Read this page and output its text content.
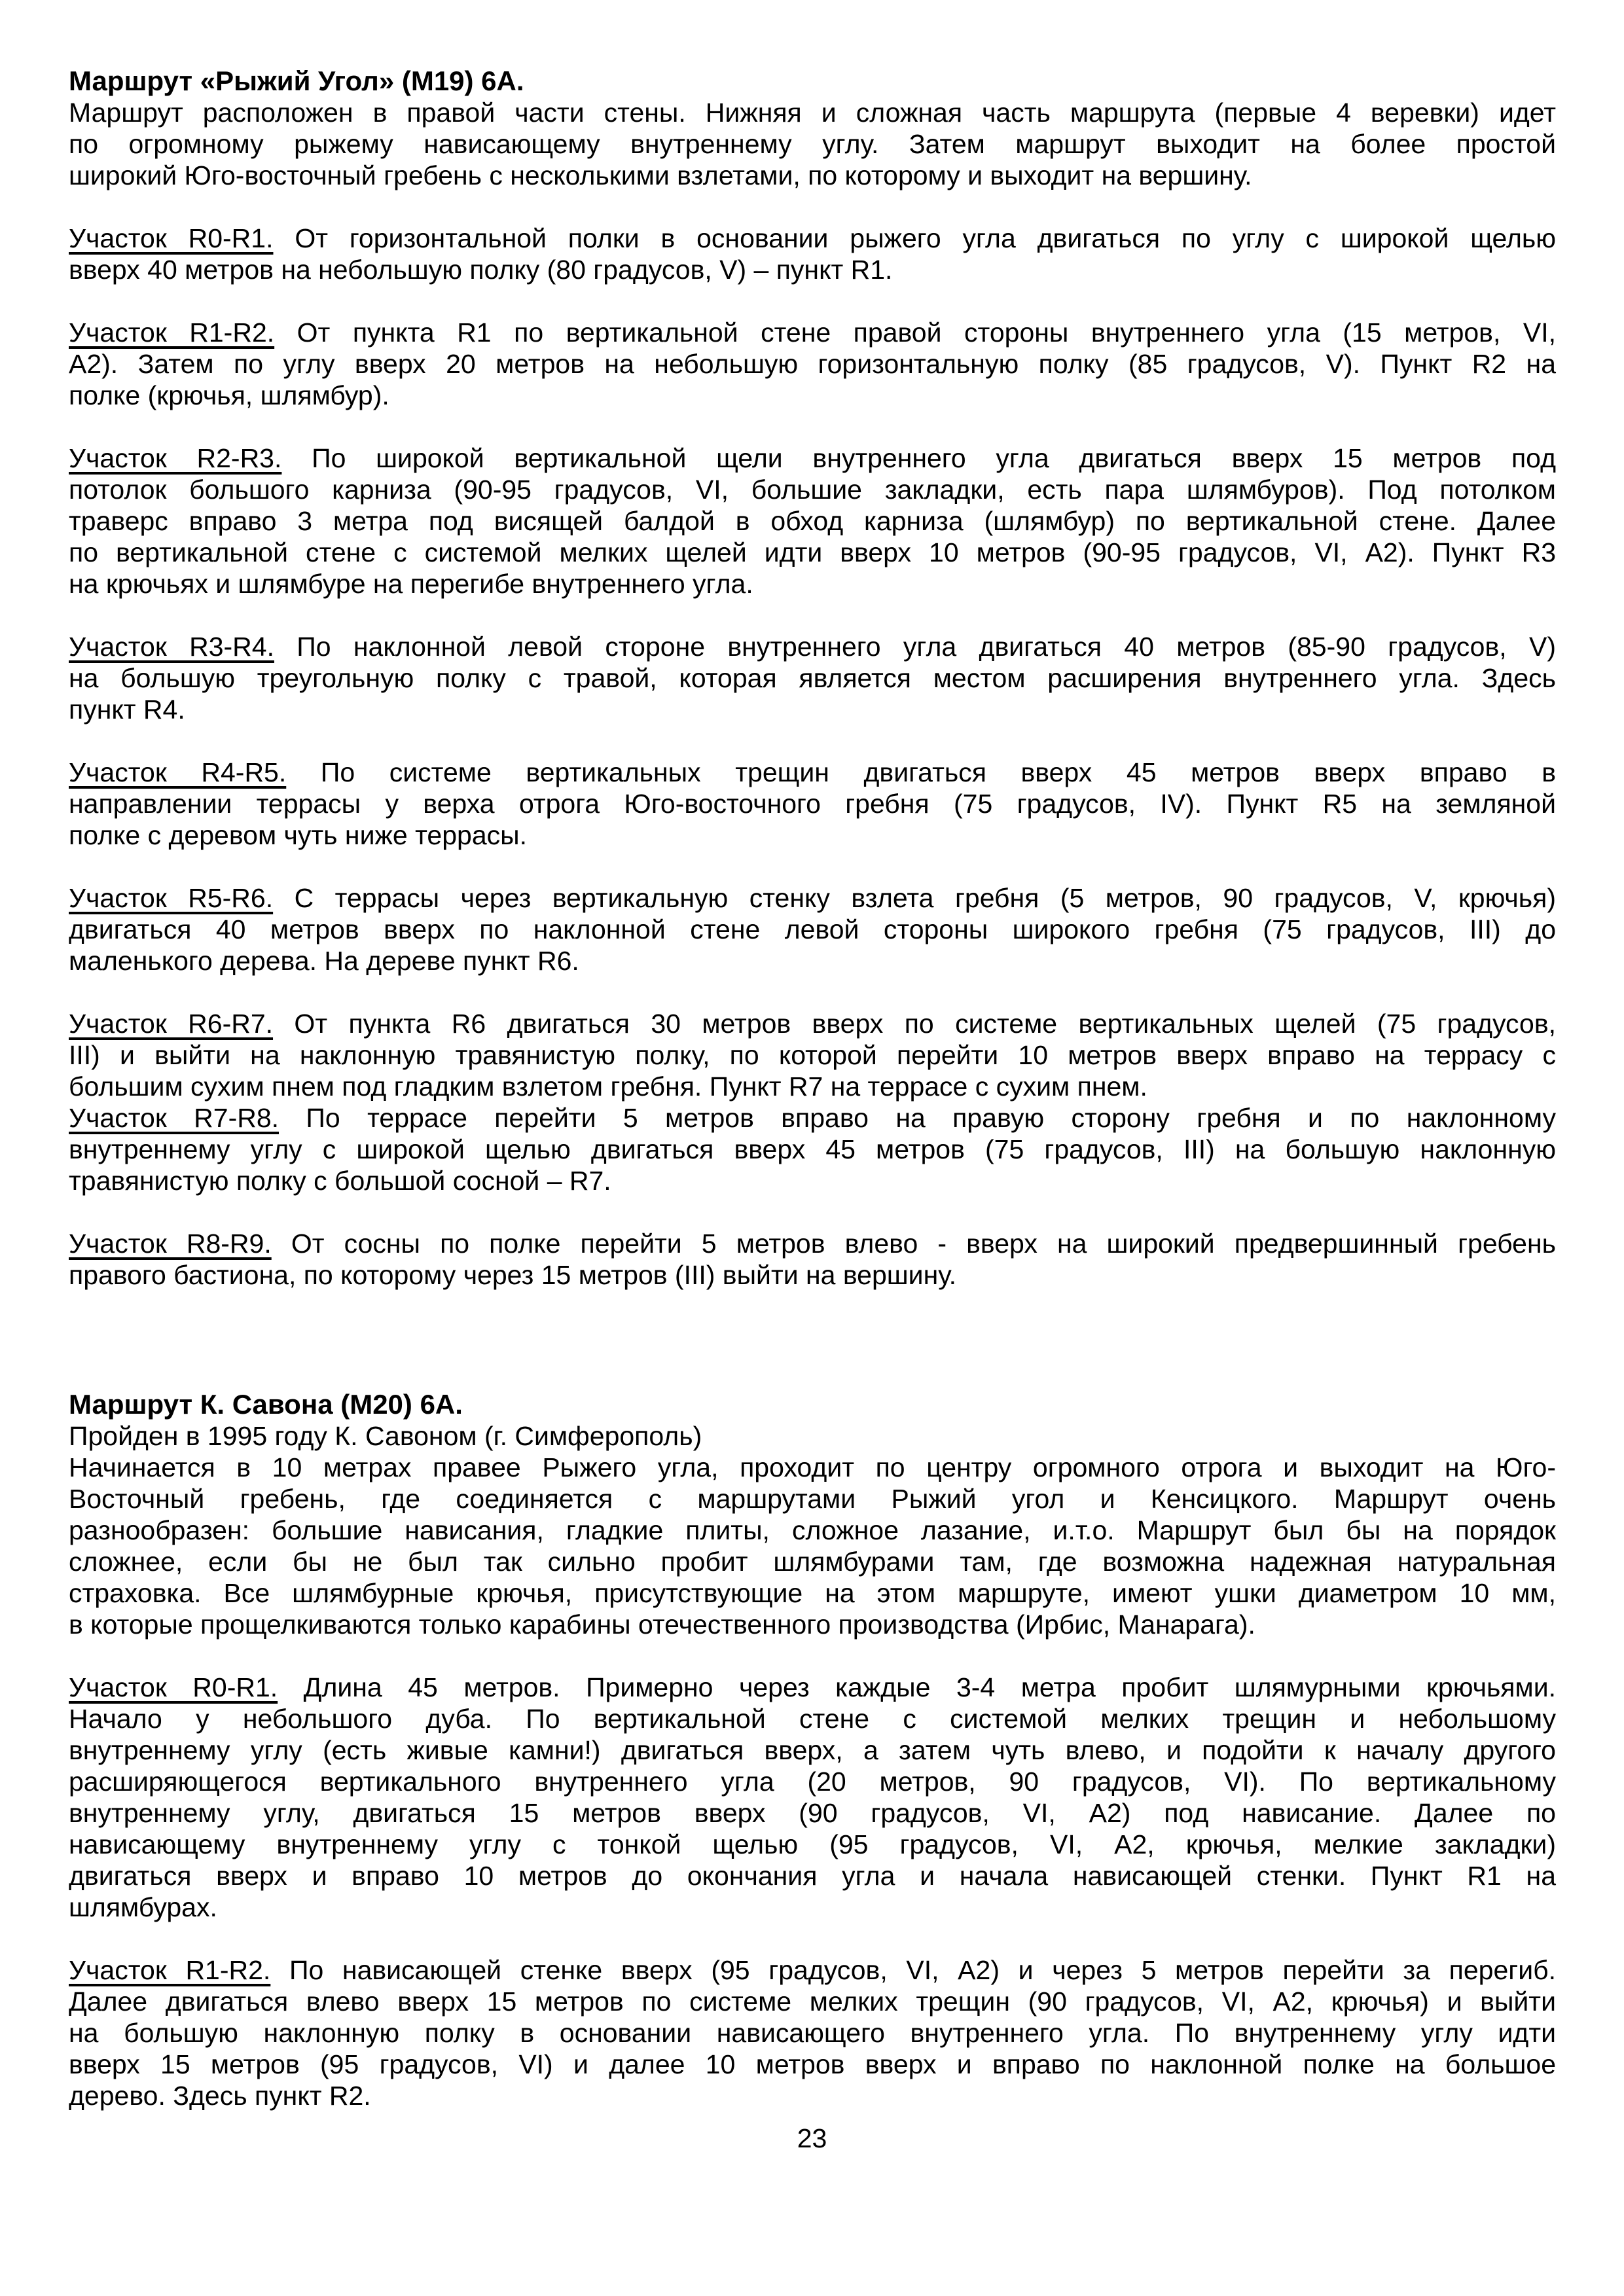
Маршрут «Рыжий Угол» (М19) 6А.
Маршрут расположен в правой части стены. Нижняя и сложная часть маршрута (первые 4 веревки) идет
по огромному рыжему нависающему внутреннему углу. Затем маршрут выходит на более простой
широкий Юго-восточный гребень с несколькими взлетами, по которому и выходит на вершину.
Участок R0-R1. От горизонтальной полки в основании рыжего угла двигаться по углу с широкой щелью
вверх 40 метров на небольшую полку (80 градусов, V) – пункт R1.
Участок R1-R2. От пункта R1 по вертикальной стене правой стороны внутреннего угла (15 метров, VI,
А2). Затем по углу вверх 20 метров на небольшую горизонтальную полку (85 градусов, V). Пункт R2 на
полке (крючья, шлямбур).
Участок R2-R3. По широкой вертикальной щели внутреннего угла двигаться вверх 15 метров под
потолок большого карниза (90-95 градусов, VI, большие закладки, есть пара шлямбуров). Под потолком
траверс вправо 3 метра под висящей балдой в обход карниза (шлямбур) по вертикальной стене. Далее
по вертикальной стене с системой мелких щелей идти вверх 10 метров (90-95 градусов, VI, А2). Пункт R3
на крючьях и шлямбуре на перегибе внутреннего угла.
Участок R3-R4. По наклонной левой стороне внутреннего угла двигаться 40 метров (85-90 градусов, V)
на большую треугольную полку с травой, которая является местом расширения внутреннего угла. Здесь
пункт R4.
Участок R4-R5. По системе вертикальных трещин двигаться вверх 45 метров вверх вправо в
направлении террасы у верха отрога Юго-восточного гребня (75 градусов, IV). Пункт R5 на земляной
полке с деревом чуть ниже террасы.
Участок R5-R6. С террасы через вертикальную стенку взлета гребня (5 метров, 90 градусов, V, крючья)
двигаться 40 метров вверх по наклонной стене левой стороны широкого гребня (75 градусов, III) до
маленького дерева. На дереве пункт R6.
Участок R6-R7. От пункта R6 двигаться 30 метров вверх по системе вертикальных щелей (75 градусов,
III) и выйти на наклонную травянистую полку, по которой перейти 10 метров вверх вправо на террасу с
большим сухим пнем под гладким взлетом гребня. Пункт R7 на террасе с сухим пнем.
Участок R7-R8. По террасе перейти 5 метров вправо на правую сторону гребня и по наклонному
внутреннему углу с широкой щелью двигаться вверх 45 метров (75 градусов, III) на большую наклонную
травянистую полку с большой сосной – R7.
Участок R8-R9. От сосны по полке перейти 5 метров влево - вверх на широкий предвершинный гребень
правого бастиона, по которому через 15 метров (III) выйти на вершину.
Маршрут К. Савона (М20) 6А.
Пройден в 1995 году К. Савоном (г. Симферополь)
Начинается в 10 метрах правее Рыжего угла, проходит по центру огромного отрога и выходит на Юго-
Восточный гребень, где соединяется с маршрутами Рыжий угол и Кенсицкого. Маршрут очень
разнообразен: большие нависания, гладкие плиты, сложное лазание, и.т.о. Маршрут был бы на порядок
сложнее, если бы не был так сильно пробит шлямбурами там, где возможна надежная натуральная
страховка. Все шлямбурные крючья, присутствующие на этом маршруте, имеют ушки диаметром 10 мм,
в которые прощелкиваются только карабины отечественного производства (Ирбис, Манарага).
Участок R0-R1. Длина 45 метров. Примерно через каждые 3-4 метра пробит шлямурными крючьями.
Начало у небольшого дуба. По вертикальной стене с системой мелких трещин и небольшому
внутреннему углу (есть живые камни!) двигаться вверх, а затем чуть влево, и подойти к началу другого
расширяющегося вертикального внутреннего угла (20 метров, 90 градусов, VI). По вертикальному
внутреннему углу, двигаться 15 метров вверх (90 градусов, VI, А2) под нависание. Далее по
нависающему внутреннему углу с тонкой щелью (95 градусов, VI, А2, крючья, мелкие закладки)
двигаться вверх и вправо 10 метров до окончания угла и начала нависающей стенки. Пункт R1 на
шлямбурах.
Участок R1-R2. По нависающей стенке вверх (95 градусов, VI, А2) и через 5 метров перейти за перегиб.
Далее двигаться влево вверх 15 метров по системе мелких трещин (90 градусов, VI, А2, крючья) и выйти
на большую наклонную полку в основании нависающего внутреннего угла. По внутреннему углу идти
вверх 15 метров (95 градусов, VI) и далее 10 метров вверх и вправо по наклонной полке на большое
дерево. Здесь пункт R2.
23
